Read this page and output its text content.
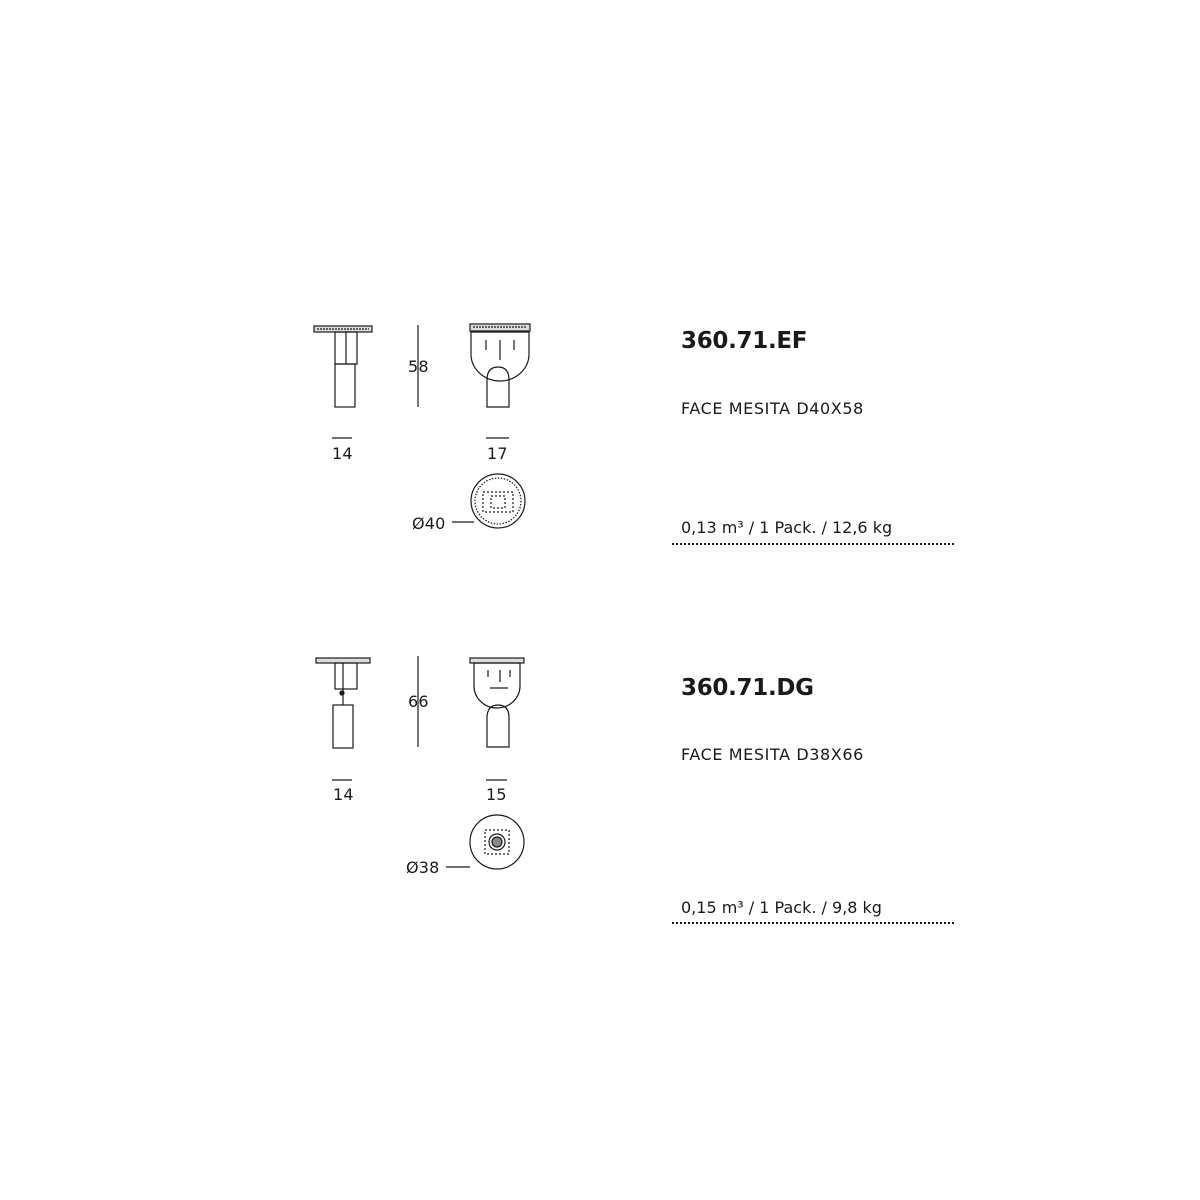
58
14	17
Ø40
360.71.EF
FACE MESITA D40X58
0,13 m³ / 1 Pack. / 12,6 kg
66
14	15
Ø38
360.71.DG
FACE MESITA D38X66
0,15 m³ / 1 Pack. / 9,8 kg
